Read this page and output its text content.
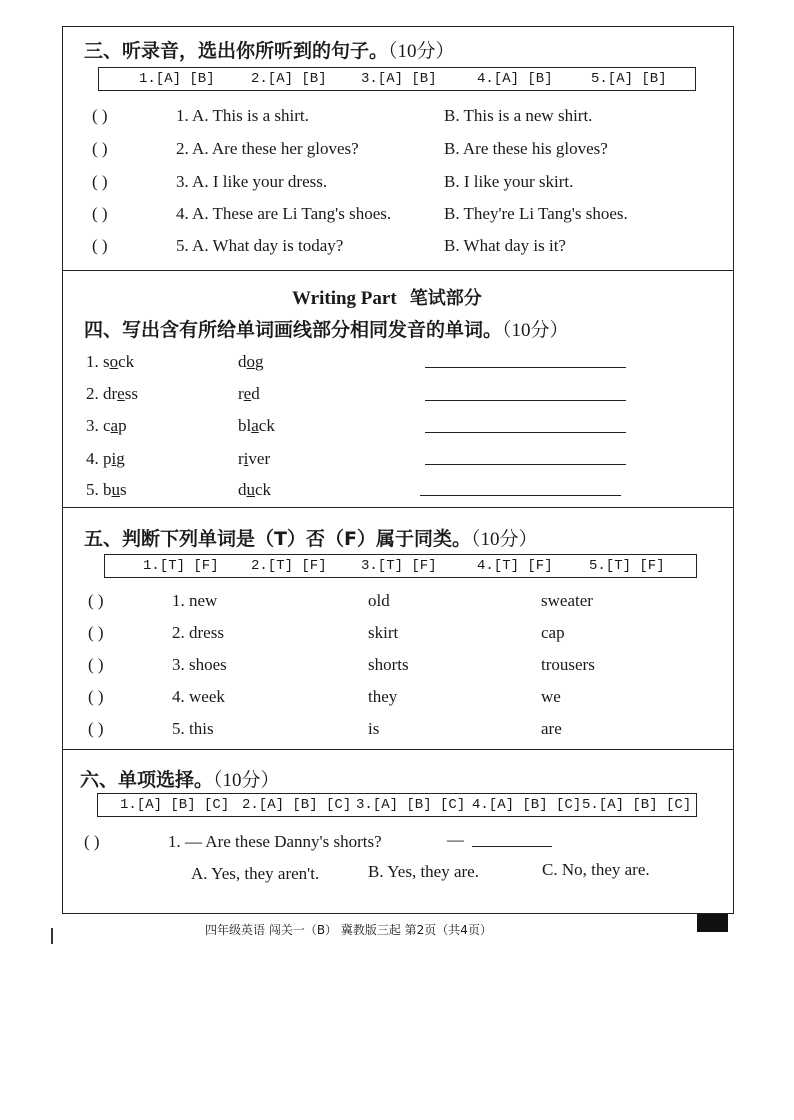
三、听录音，选出你所听到的句子。（10分）
1.[A] [B]	2.[A] [B] 3.[A] [B]	4.[A] [B]	5.[A] [B]
( )	1. A. This is a shirt.	B. This is a new shirt.
( )	2. A. Are these her gloves?	B. Are these his gloves?
( )	3. A. I like your dress.	B. I like your skirt.
( )	4. A. These are Li Tang's shoes.	B. They're Li Tang's shoes.
( )	5. A. What day is today?	B. What day is it?
Writing Part 笔试部分
四、写出含有所给单词画线部分相同发音的单词。（10分）
1. sock	dog
2. dress	red
3. cap	black
4. pig	river
5. bus	duck
五、判断下列单词是（T）否（F）属于同类。（10分）
1.[T] [F] 2.[T] [F] 3.[T] [F]	4.[T] [F]	5.[T] [F]
( )	1. new	old	sweater
( )	2. dress	skirt	cap
( )	3. shoes	shorts	trousers
( )	4. week	they	we
( )	5. this	is	are
六、单项选择。（10分）
1.[A] [B] [C] 2.[A] [B] [C] 3.[A] [B] [C] 4.[A] [B] [C] 5.[A] [B] [C]
( )	1. — Are these Danny's shorts?	—
A. Yes, they aren't.	B. Yes, they are.	C. No, they are.
四年级英语 闯关一（B） 冀教版三起 第2页（共4页）
